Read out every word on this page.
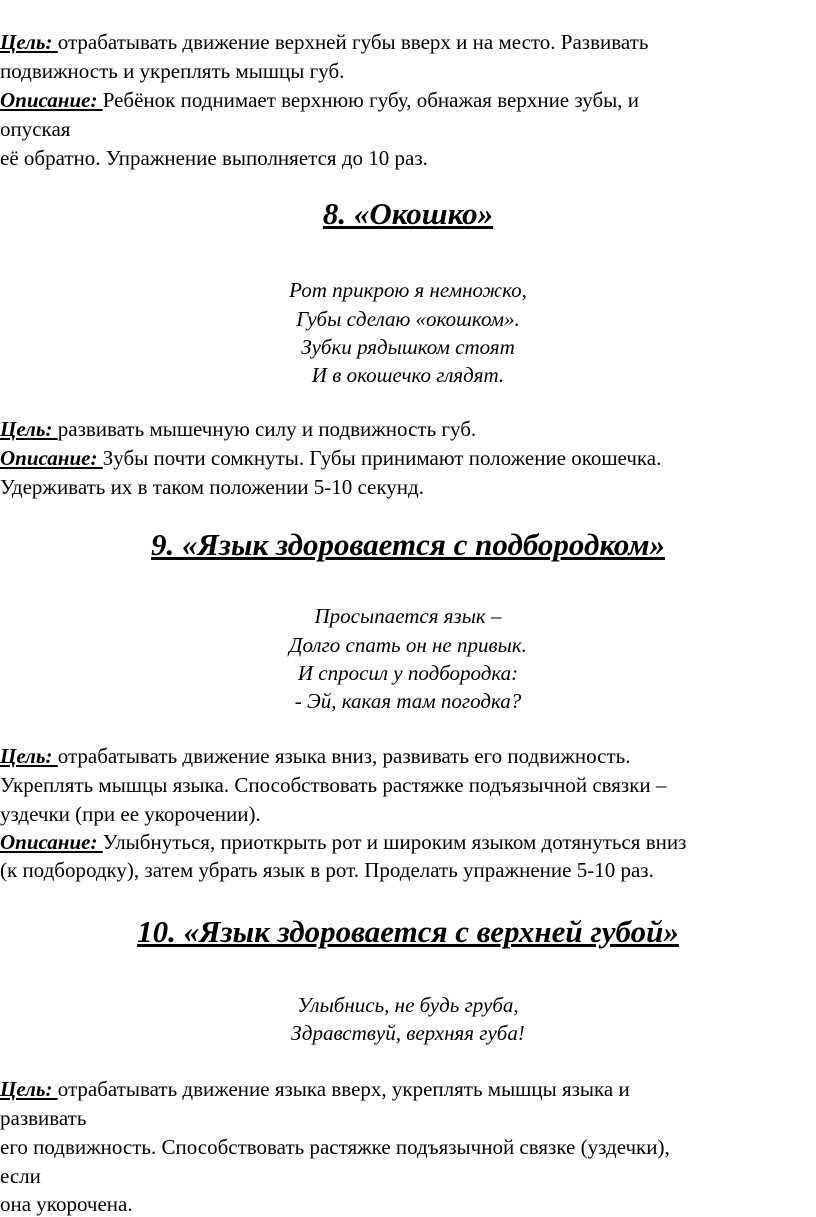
Цель: отрабатывать движение верхней губы вверх и на место. Развивать
подвижность и укреплять мышцы губ.
Описание: Ребёнок поднимает верхнюю губу, обнажая верхние зубы, и
опуская
её обратно. Упражнение выполняется до 10 раз.
8. «Окошко»
Рот прикрою я немножко,
Губы сделаю «окошком».
Зубки рядышком стоят
И в окошечко глядят.
Цель: развивать мышечную силу и подвижность губ.
Описание: Зубы почти сомкнуты. Губы принимают положение окошечка.
Удерживать их в таком положении 5-10 секунд.
9. «Язык здоровается с подбородком»
Просыпается язык –
Долго спать он не привык.
И спросил у подбородка:
- Эй, какая там погодка?
Цель: отрабатывать движение языка вниз, развивать его подвижность.
Укреплять мышцы языка. Способствовать растяжке подъязычной связки –
уздечки (при ее укорочении).
Описание: Улыбнуться, приоткрыть рот и широким языком дотянуться вниз
(к подбородку), затем убрать язык в рот. Проделать упражнение 5-10 раз.
10. «Язык здоровается с верхней губой»
Улыбнись, не будь груба,
Здравствуй, верхняя губа!
Цель: отрабатывать движение языка вверх, укреплять мышцы языка и
развивать
его подвижность. Способствовать растяжке подъязычной связке (уздечки),
если
она укорочена.
